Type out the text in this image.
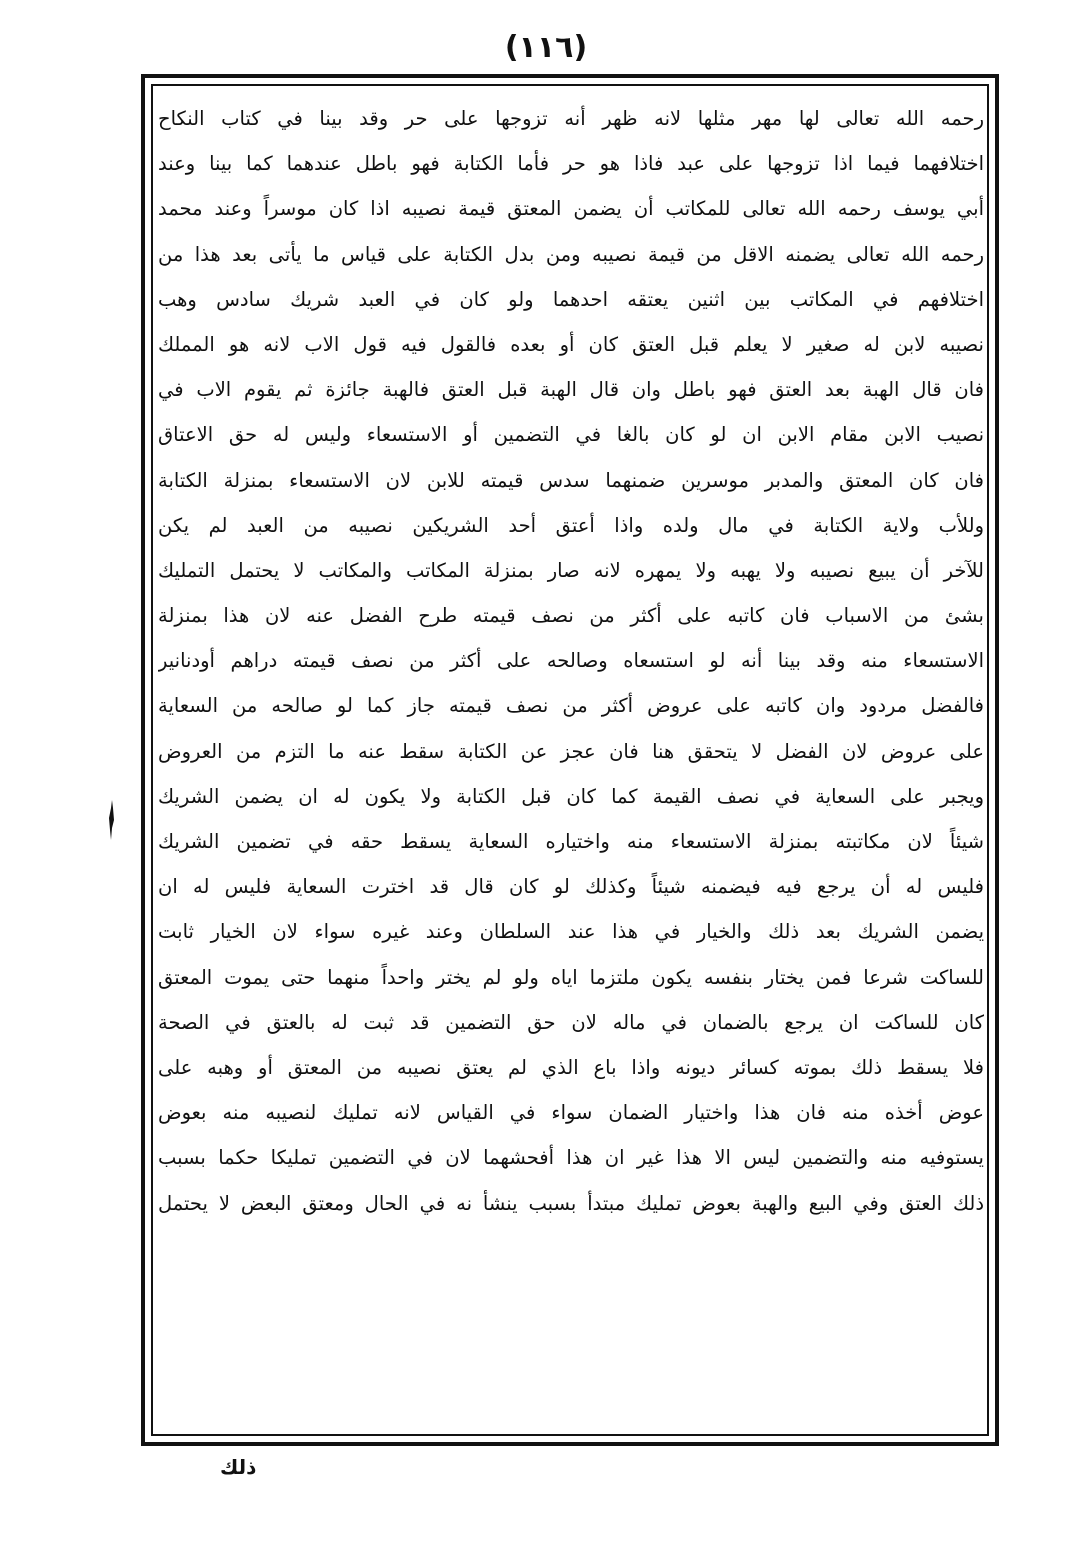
(١١٦)
رحمه الله تعالى لها مهر مثلها لانه ظهر أنه تزوجها على حر وقد بينا في كتاب النكاح
اختلافهما فيما اذا تزوجها على عبد فاذا هو حر فأما الكتابة فهو باطل عندهما كما بينا وعند
أبي يوسف رحمه الله تعالى للمكاتب أن يضمن المعتق قيمة نصيبه اذا كان موسراً وعند محمد
رحمه الله تعالى يضمنه الاقل من قيمة نصيبه ومن بدل الكتابة على قياس ما يأتى بعد هذا من
اختلافهم في المكاتب بين اثنين يعتقه احدهما ولو كان في العبد شريك سادس وهب
نصيبه لابن له صغير لا يعلم قبل العتق كان أو بعده فالقول فيه قول الاب لانه هو المملك
فان قال الهبة بعد العتق فهو باطل وان قال الهبة قبل العتق فالهبة جائزة ثم يقوم الاب في
نصيب الابن مقام الابن ان لو كان بالغا في التضمين أو الاستسعاء وليس له حق الاعتاق
فان كان المعتق والمدبر موسرين ضمنهما سدس قيمته للابن لان الاستسعاء بمنزلة الكتابة
وللأب ولاية الكتابة في مال ولده واذا أعتق أحد الشريكين نصيبه من العبد لم يكن
للآخر أن يبيع نصيبه ولا يهبه ولا يمهره لانه صار بمنزلة المكاتب والمكاتب لا يحتمل التمليك
بشئ من الاسباب فان كاتبه على أكثر من نصف قيمته طرح الفضل عنه لان هذا بمنزلة
الاستسعاء منه وقد بينا أنه لو استسعاه وصالحه على أكثر من نصف قيمته دراهم أودنانير
فالفضل مردود وان كاتبه على عروض أكثر من نصف قيمته جاز كما لو صالحه من السعاية
على عروض لان الفضل لا يتحقق هنا فان عجز عن الكتابة سقط عنه ما التزم من العروض
ويجبر على السعاية في نصف القيمة كما كان قبل الكتابة ولا يكون له ان يضمن الشريك
شيئاً لان مكاتبته بمنزلة الاستسعاء منه واختياره السعاية يسقط حقه في تضمين الشريك
فليس له أن يرجع فيه فيضمنه شيئاً وكذلك لو كان قال قد اخترت السعاية فليس له ان
يضمن الشريك بعد ذلك والخيار في هذا عند السلطان وعند غيره سواء لان الخيار ثابت
للساكت شرعا فمن يختار بنفسه يكون ملتزما اياه ولو لم يختر واحداً منهما حتى يموت المعتق
كان للساكت ان يرجع بالضمان في ماله لان حق التضمين قد ثبت له بالعتق في الصحة
فلا يسقط ذلك بموته كسائر ديونه واذا باع الذي لم يعتق نصيبه من المعتق أو وهبه على
عوض أخذه منه فان هذا واختيار الضمان سواء في القياس لانه تمليك لنصيبه منه بعوض
يستوفيه منه والتضمين ليس الا هذا غير ان هذا أفحشهما لان في التضمين تمليكا حكما بسبب
ذلك العتق وفي البيع والهبة بعوض تمليك مبتدأ بسبب ينشأ نه في الحال ومعتق البعض لا يحتمل
ذلك
